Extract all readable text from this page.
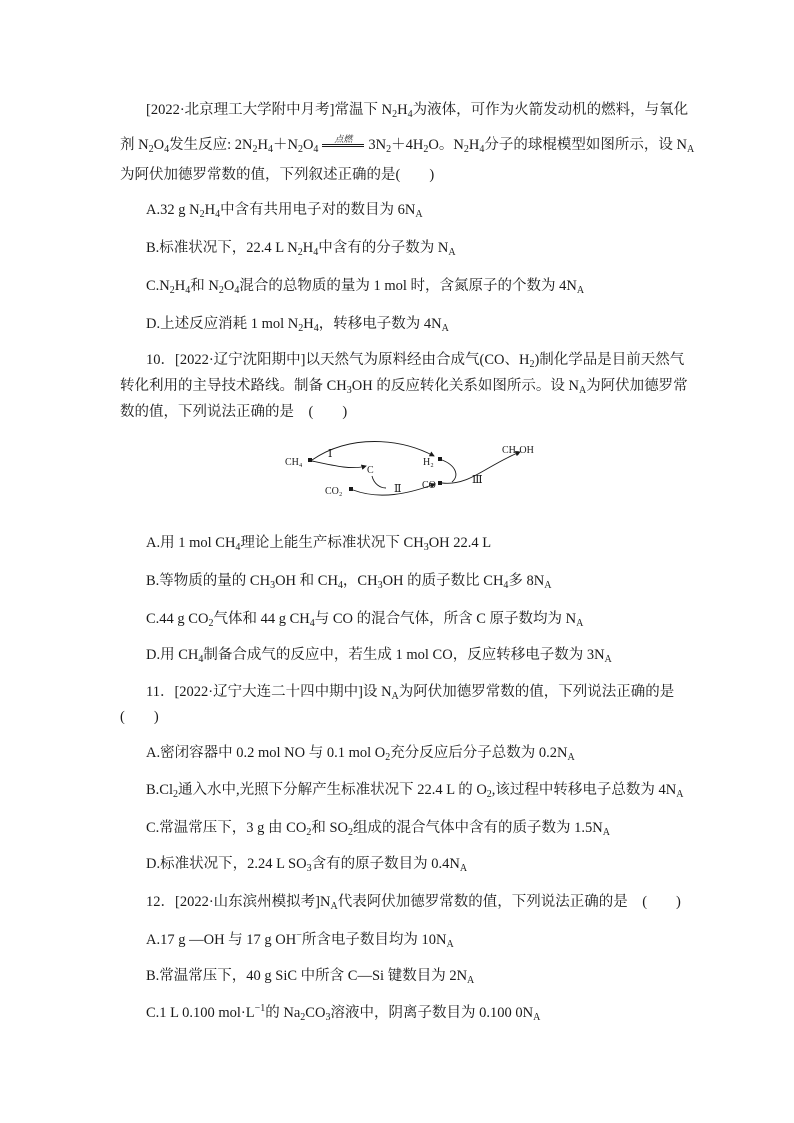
[2022·北京理工大学附中月考]常温下 $N_2H_4$为液体，可作为火箭发动机的燃料，与氧化
剂 $N_2O_4$发生反应: $2N_2H_4+N_2O_4$
点燃	$3N_2+4H_2O$。$N_2H_4$分子的球棍模型如图所示，设 $N_A$
为阿伏加德罗常数的值，下列叙述正确的是(　　)
A.32 g $N_2H_4$中含有共用电子对的数目为 $6N_A$
B.标准状况下，22.4 L $N_2H_4$中含有的分子数为 $N_A$
$C.N_2H_4$和 $N_2O_4$混合的总物质的量为 1 mol 时，含氮原子的个数为 $4N_A$
D.上述反应消耗 1 mol $N_2H_4$，转移电子数为 $4N_A$
10．[2022·辽宁沈阳期中]以天然气为原料经由合成气(CO、$H_2$)制化学品是目前天然气
转化利用的主导技术路线。制备 $CH_3OH$ 的反应转化关系如图所示。设 $N_A$为阿伏加德罗常
数的值，下列说法正确的是　(　　)
CH₄
Ⅰ
C
CO₂	Ⅱ
H₂
CO	Ⅲ
CH₃OH
A.用 1 mol $CH_4$理论上能生产标准状况下 $CH_3OH$ 22.4 L
B.等物质的量的 $CH_3OH$ 和 $CH_4$，$CH_3OH$ 的质子数比 $CH_4$多 $8N_A$
C.44 g $CO_2$气体和 44 g $CH_4$与 CO 的混合气体，所含 C 原子数均为 $N_A$
D.用 $CH_4$制备合成气的反应中，若生成 1 mol CO，反应转移电子数为 $3N_A$
11．[2022·辽宁大连二十四中期中]设 $N_A$为阿伏加德罗常数的值，下列说法正确的是
(　　)
A.密闭容器中 0.2 mol NO 与 0.1 mol $O_2$充分反应后分子总数为 $0.2N_A$
$B.Cl_2$通入水中,光照下分解产生标准状况下 22.4 L 的 $O_2$,该过程中转移电子总数为 $4N_A$
C.常温常压下，3 g 由 $CO_2$和 $SO_2$组成的混合气体中含有的质子数为 $1.5N_A$
D.标准状况下，2.24 L $SO_3$含有的原子数目为 $0.4N_A$
12．[2022·山东滨州模拟考]$N_A$代表阿伏加德罗常数的值，下列说法正确的是　(　　)
A.17 g —OH 与 17 g OH−所含电子数目均为 $10N_A$
B.常温常压下，40 g SiC 中所含 C—Si 键数目为 $2N_A$
C.1 L 0.100 $mol\cdot L^{-1}$的 $Na_2CO_3$溶液中，阴离子数目为 0.100 $0N_A$
